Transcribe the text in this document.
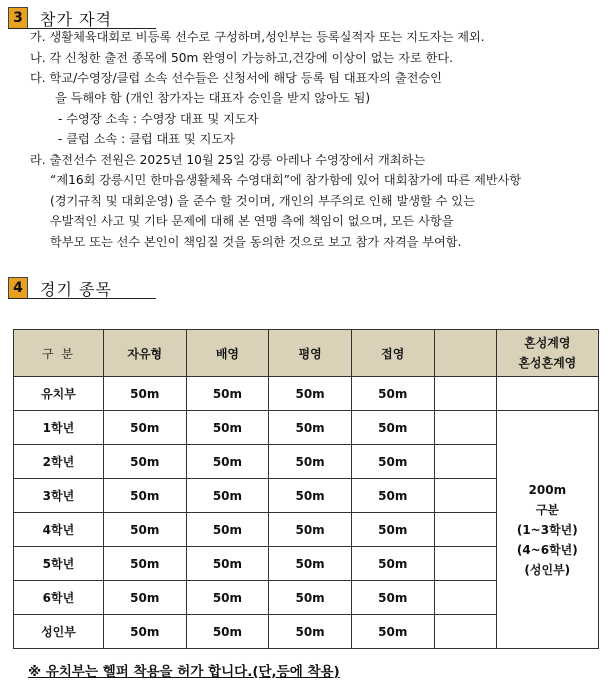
3	참가 자격
가. 생활체육대회로 비등록 선수로 구성하며,성인부는 등록실적자 또는 지도자는 제외.
나. 각 신청한 출전 종목에 50m 완영이 가능하고,건강에 이상이 없는 자로 한다.
다. 학교/수영장/클럽 소속 선수들은 신청서에 해당 등록 팀 대표자의 출전승인
을 득해야 함 (개인 참가자는 대표자 승인을 받지 않아도 됨)
- 수영장 소속 : 수영장 대표 및 지도자
- 클럽 소속 : 클럽 대표 및 지도자
라. 출전선수 전원은 2025년 10월 25일 강릉 아레나 수영장에서 개최하는
“제16회 강릉시민 한마음생활체육 수영대회”에 참가함에 있어 대회참가에 따른 제반사항
(경기규칙 및 대회운영) 을 준수 할 것이며, 개인의 부주의로 인해 발생할 수 있는
우발적인 사고 및 기타 문제에 대해 본 연맹 측에 책임이 없으며, 모든 사항을
학부모 또는 선수 본인이 책임질 것을 동의한 것으로 보고 참가 자격을 부여함.
4	경기 종목
구 분	자유형	배영	평영	접영		혼성계영
혼성혼계영
유치부	50m	50m	50m	50m		
1학년	50m	50m	50m	50m		200m
구분
(1~3학년)
(4~6학년)
(성인부)
2학년	50m	50m	50m	50m		
3학년	50m	50m	50m	50m		
4학년	50m	50m	50m	50m		
5학년	50m	50m	50m	50m		
6학년	50m	50m	50m	50m		
성인부	50m	50m	50m	50m		
※ 유치부는 헬퍼 착용을 허가 합니다.(단,등에 착용)
